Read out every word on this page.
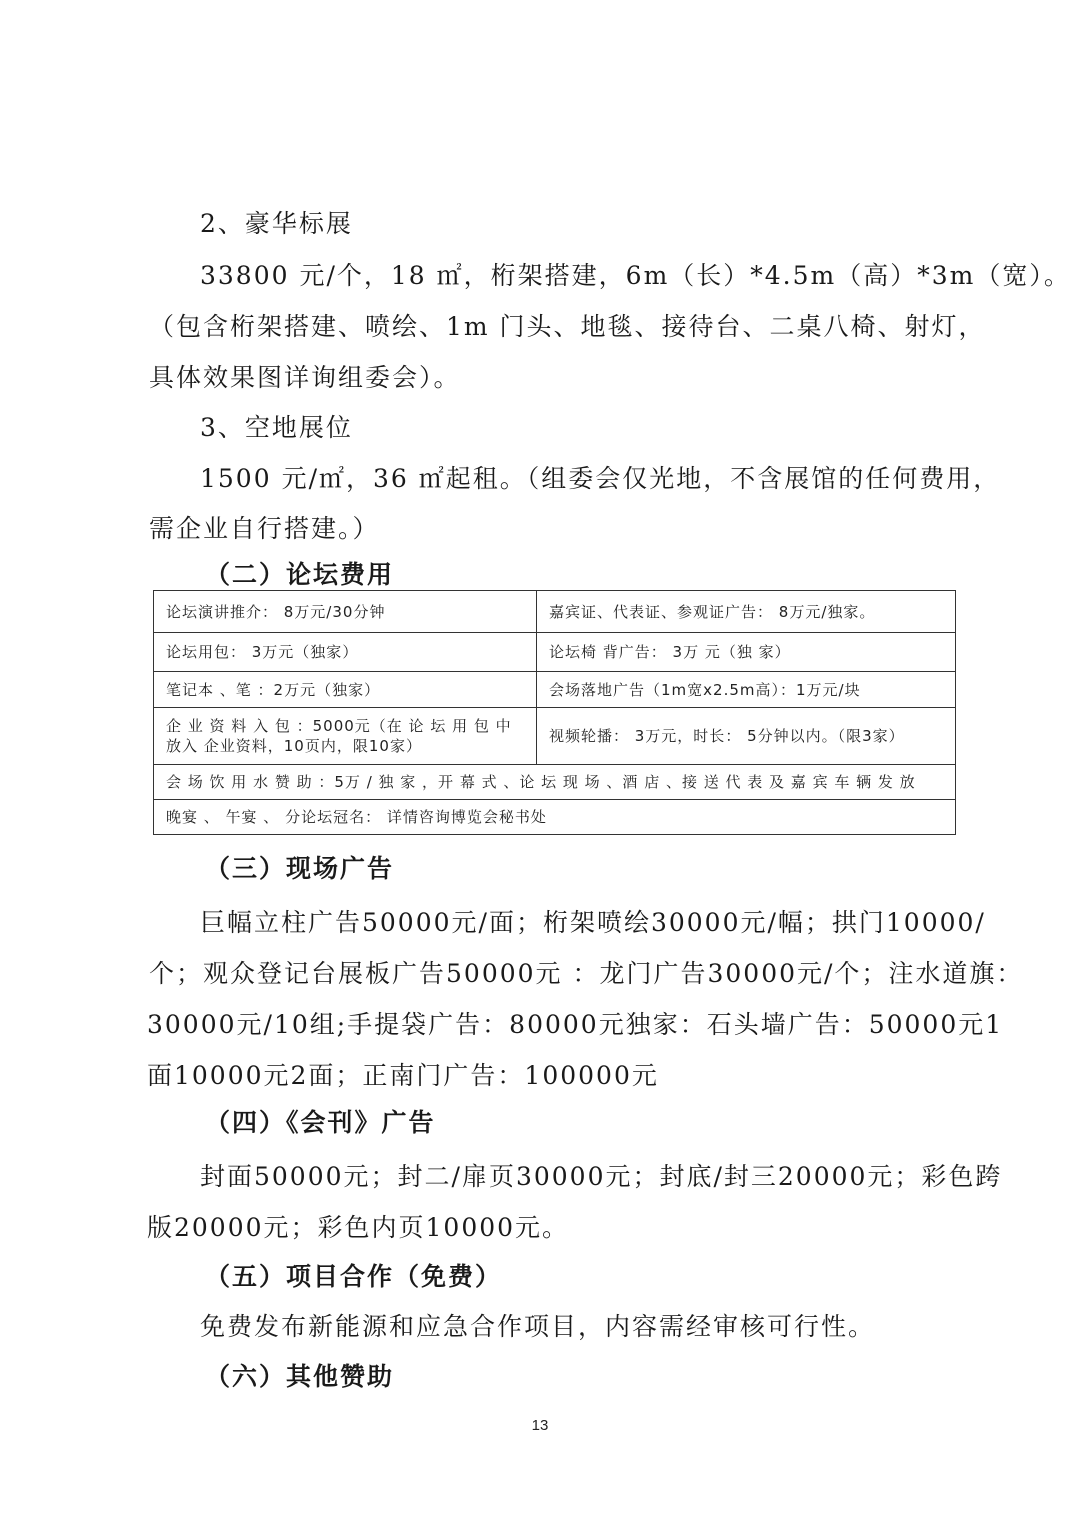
2、豪华标展
33800 元/个，18 ㎡，桁架搭建，6m（长）*4.5m（高）*3m（宽）。
（包含桁架搭建、喷绘、1m 门头、地毯、接待台、二桌八椅、射灯，
具体效果图详询组委会）。
3、空地展位
1500 元/㎡，36 ㎡起租。（组委会仅光地，不含展馆的任何费用，
需企业自行搭建。）
（二）论坛费用
论坛演讲推介： 8万元/30分钟	嘉宾证、代表证、参观证广告： 8万元/独家。
论坛用包： 3万元（独家）	论坛椅 背广告： 3万 元（独 家）
笔记本 、笔 ：2万元（独家）	会场落地广告（1m宽x2.5m高）：1万元/块

企 业 资 料 入 包 ：5000元（在 论 坛 用 包 中
放入 企业资料，10页内，限10家）	视频轮播： 3万元，时长： 5分钟以内。（限3家）
会 场 饮 用 水 赞 助 ：5万 / 独 家 ，开 幕 式 、论 坛 现 场 、酒 店 、接 送 代 表 及 嘉 宾 车 辆 发 放	
晚宴 、 午宴 、 分论坛冠名： 详情咨询博览会秘书处	
（三）现场广告
巨幅立柱广告50000元/面；桁架喷绘30000元/幅；拱门10000/
个；观众登记台展板广告50000元 ：龙门广告30000元/个；注水道旗：
30000元/10组;手提袋广告：80000元独家：石头墙广告：50000元1
面10000元2面；正南门广告：100000元
（四）《会刊》广告
封面50000元；封二/扉页30000元；封底/封三20000元；彩色跨
版20000元；彩色内页10000元。
（五）项目合作（免费）
免费发布新能源和应急合作项目，内容需经审核可行性。
（六）其他赞助
13
